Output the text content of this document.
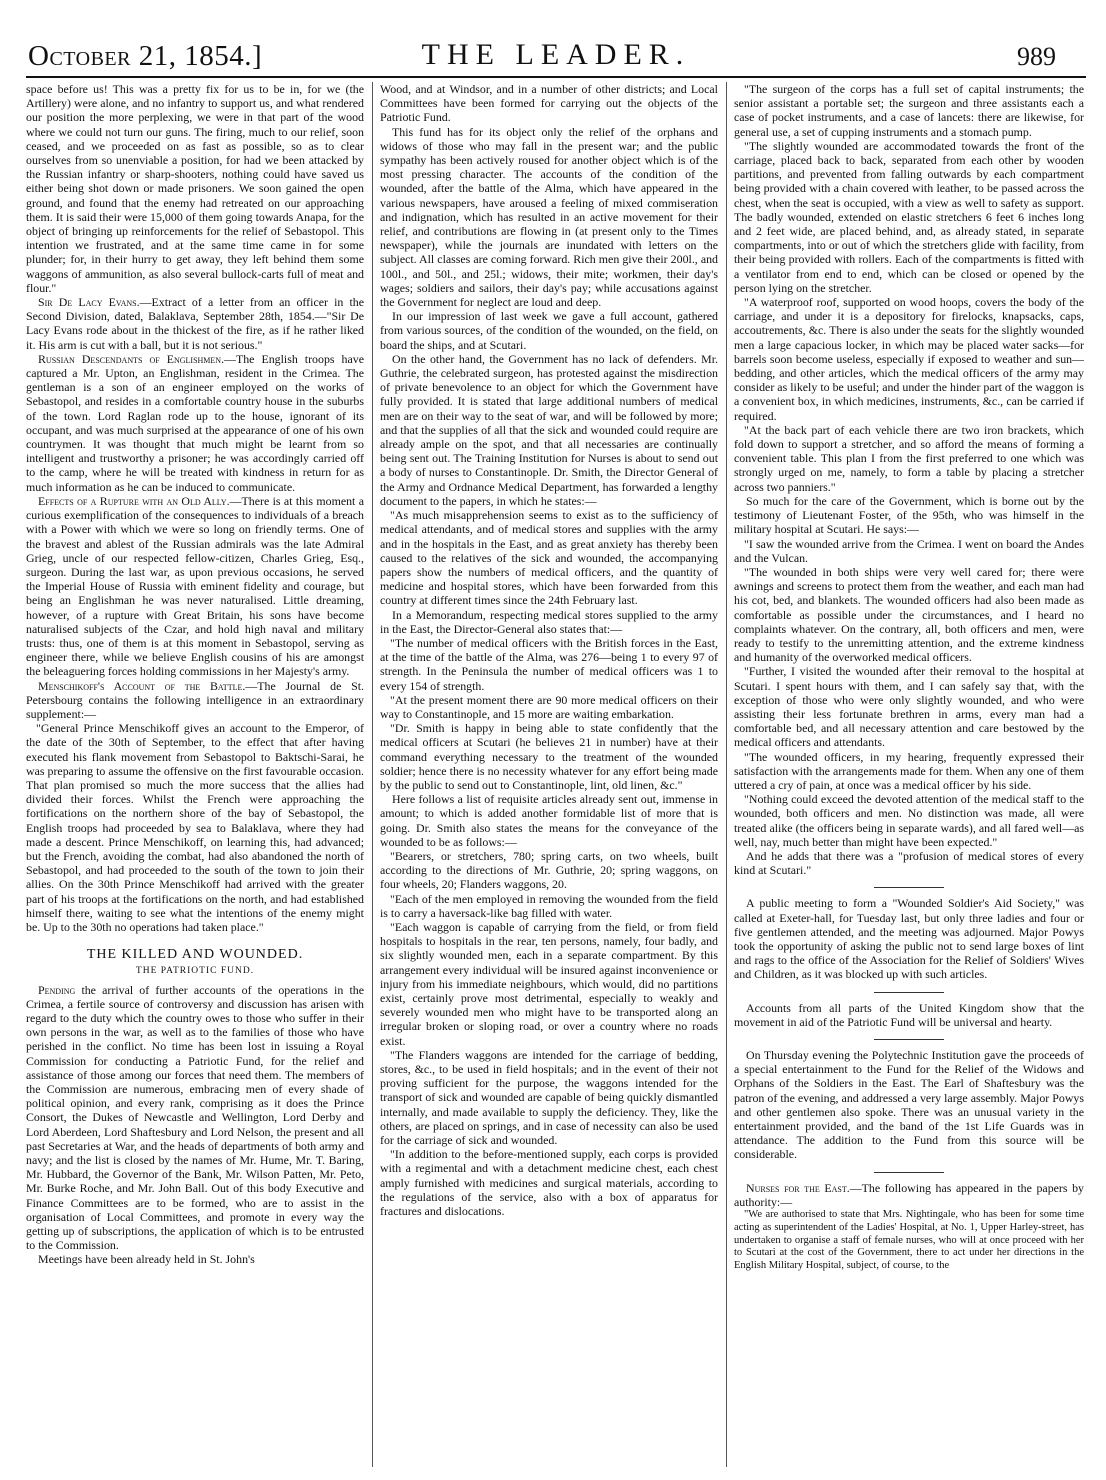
October 21, 1854.]	THE LEADER.	989

space before us! This was a pretty fix for us to be in, for we (the Artillery) were alone, and no infantry to support us, and what rendered our position the more perplexing, we were in that part of the wood where we could not turn our guns. The firing, much to our relief, soon ceased, and we proceeded on as fast as possible, so as to clear ourselves from so unenviable a position, for had we been attacked by the Russian infantry or sharp-shooters, nothing could have saved us either being shot down or made prisoners. We soon gained the open ground, and found that the enemy had retreated on our approaching them. It is said their were 15,000 of them going towards Anapa, for the object of bringing up reinforcements for the relief of Sebastopol. This intention we frustrated, and at the same time came in for some plunder; for, in their hurry to get away, they left behind them some waggons of ammunition, as also several bullock-carts full of meat and flour."

Sir De Lacy Evans.—Extract of a letter from an officer in the Second Division, dated, Balaklava, September 28th, 1854.—"Sir De Lacy Evans rode about in the thickest of the fire, as if he rather liked it. His arm is cut with a ball, but it is not serious."

Russian Descendants of Englishmen.—The English troops have captured a Mr. Upton, an Englishman, resident in the Crimea. The gentleman is a son of an engineer employed on the works of Sebastopol, and resides in a comfortable country house in the suburbs of the town. Lord Raglan rode up to the house, ignorant of its occupant, and was much surprised at the appearance of one of his own countrymen. It was thought that much might be learnt from so intelligent and trustworthy a prisoner; he was accordingly carried off to the camp, where he will be treated with kindness in return for as much information as he can be induced to communicate.

Effects of a Rupture with an Old Ally.—There is at this moment a curious exemplification of the consequences to individuals of a breach with a Power with which we were so long on friendly terms. One of the bravest and ablest of the Russian admirals was the late Admiral Grieg, uncle of our respected fellow-citizen, Charles Grieg, Esq., surgeon. During the last war, as upon previous occasions, he served the Imperial House of Russia with eminent fidelity and courage, but being an Englishman he was never naturalised. Little dreaming, however, of a rupture with Great Britain, his sons have become naturalised subjects of the Czar, and hold high naval and military trusts: thus, one of them is at this moment in Sebastopol, serving as engineer there, while we believe English cousins of his are amongst the beleaguering forces holding commissions in her Majesty's army.

Menschikoff's Account of the Battle.—The Journal de St. Petersbourg contains the following intelligence in an extraordinary supplement:—

"General Prince Menschikoff gives an account to the Emperor, of the date of the 30th of September, to the effect that after having executed his flank movement from Sebastopol to Baktschi-Sarai, he was preparing to assume the offensive on the first favourable occasion. That plan promised so much the more success that the allies had divided their forces. Whilst the French were approaching the fortifications on the northern shore of the bay of Sebastopol, the English troops had proceeded by sea to Balaklava, where they had made a descent. Prince Menschikoff, on learning this, had advanced; but the French, avoiding the combat, had also abandoned the north of Sebastopol, and had proceeded to the south of the town to join their allies. On the 30th Prince Menschikoff had arrived with the greater part of his troops at the fortifications on the north, and had established himself there, waiting to see what the intentions of the enemy might be. Up to the 30th no operations had taken place."

THE KILLED AND WOUNDED.
THE PATRIOTIC FUND.

Pending the arrival of further accounts of the operations in the Crimea, a fertile source of controversy and discussion has arisen with regard to the duty which the country owes to those who suffer in their own persons in the war, as well as to the families of those who have perished in the conflict. No time has been lost in issuing a Royal Commission for conducting a Patriotic Fund, for the relief and assistance of those among our forces that need them. The members of the Commission are numerous, embracing men of every shade of political opinion, and every rank, comprising as it does the Prince Consort, the Dukes of Newcastle and Wellington, Lord Derby and Lord Aberdeen, Lord Shaftesbury and Lord Nelson, the present and all past Secretaries at War, and the heads of departments of both army and navy; and the list is closed by the names of Mr. Hume, Mr. T. Baring, Mr. Hubbard, the Governor of the Bank, Mr. Wilson Patten, Mr. Peto, Mr. Burke Roche, and Mr. John Ball. Out of this body Executive and Finance Committees are to be formed, who are to assist in the organisation of Local Committees, and promote in every way the getting up of subscriptions, the application of which is to be entrusted to the Commission.

Meetings have been already held in St. John's

Wood, and at Windsor, and in a number of other districts; and Local Committees have been formed for carrying out the objects of the Patriotic Fund.

This fund has for its object only the relief of the orphans and widows of those who may fall in the present war; and the public sympathy has been actively roused for another object which is of the most pressing character. The accounts of the condition of the wounded, after the battle of the Alma, which have appeared in the various newspapers, have aroused a feeling of mixed commiseration and indignation, which has resulted in an active movement for their relief, and contributions are flowing in (at present only to the Times newspaper), while the journals are inundated with letters on the subject. All classes are coming forward. Rich men give their 200l., and 100l., and 50l., and 25l.; widows, their mite; workmen, their day's wages; soldiers and sailors, their day's pay; while accusations against the Government for neglect are loud and deep.

In our impression of last week we gave a full account, gathered from various sources, of the condition of the wounded, on the field, on board the ships, and at Scutari.

On the other hand, the Government has no lack of defenders. Mr. Guthrie, the celebrated surgeon, has protested against the misdirection of private benevolence to an object for which the Government have fully provided. It is stated that large additional numbers of medical men are on their way to the seat of war, and will be followed by more; and that the supplies of all that the sick and wounded could require are already ample on the spot, and that all necessaries are continually being sent out. The Training Institution for Nurses is about to send out a body of nurses to Constantinople. Dr. Smith, the Director General of the Army and Ordnance Medical Department, has forwarded a lengthy document to the papers, in which he states:—

"As much misapprehension seems to exist as to the sufficiency of medical attendants, and of medical stores and supplies with the army and in the hospitals in the East, and as great anxiety has thereby been caused to the relatives of the sick and wounded, the accompanying papers show the numbers of medical officers, and the quantity of medicine and hospital stores, which have been forwarded from this country at different times since the 24th February last.

In a Memorandum, respecting medical stores supplied to the army in the East, the Director-General also states that:—

"The number of medical officers with the British forces in the East, at the time of the battle of the Alma, was 276—being 1 to every 97 of strength. In the Peninsula the number of medical officers was 1 to every 154 of strength.

"At the present moment there are 90 more medical officers on their way to Constantinople, and 15 more are waiting embarkation.

"Dr. Smith is happy in being able to state confidently that the medical officers at Scutari (he believes 21 in number) have at their command everything necessary to the treatment of the wounded soldier; hence there is no necessity whatever for any effort being made by the public to send out to Constantinople, lint, old linen, &c."

Here follows a list of requisite articles already sent out, immense in amount; to which is added another formidable list of more that is going. Dr. Smith also states the means for the conveyance of the wounded to be as follows:—

"Bearers, or stretchers, 780; spring carts, on two wheels, built according to the directions of Mr. Guthrie, 20; spring waggons, on four wheels, 20; Flanders waggons, 20.

"Each of the men employed in removing the wounded from the field is to carry a haversack-like bag filled with water.

"Each waggon is capable of carrying from the field, or from field hospitals to hospitals in the rear, ten persons, namely, four badly, and six slightly wounded men, each in a separate compartment. By this arrangement every individual will be insured against inconvenience or injury from his immediate neighbours, which would, did no partitions exist, certainly prove most detrimental, especially to weakly and severely wounded men who might have to be transported along an irregular broken or sloping road, or over a country where no roads exist.

"The Flanders waggons are intended for the carriage of bedding, stores, &c., to be used in field hospitals; and in the event of their not proving sufficient for the purpose, the waggons intended for the transport of sick and wounded are capable of being quickly dismantled internally, and made available to supply the deficiency. They, like the others, are placed on springs, and in case of necessity can also be used for the carriage of sick and wounded.

"In addition to the before-mentioned supply, each corps is provided with a regimental and with a detachment medicine chest, each chest amply furnished with medicines and surgical materials, according to the regulations of the service, also with a box of apparatus for fractures and dislocations.

"The surgeon of the corps has a full set of capital instruments; the senior assistant a portable set; the surgeon and three assistants each a case of pocket instruments, and a case of lancets: there are likewise, for general use, a set of cupping instruments and a stomach pump.

"The slightly wounded are accommodated towards the front of the carriage, placed back to back, separated from each other by wooden partitions, and prevented from falling outwards by each compartment being provided with a chain covered with leather, to be passed across the chest, when the seat is occupied, with a view as well to safety as support. The badly wounded, extended on elastic stretchers 6 feet 6 inches long and 2 feet wide, are placed behind, and, as already stated, in separate compartments, into or out of which the stretchers glide with facility, from their being provided with rollers. Each of the compartments is fitted with a ventilator from end to end, which can be closed or opened by the person lying on the stretcher.

"A waterproof roof, supported on wood hoops, covers the body of the carriage, and under it is a depository for firelocks, knapsacks, caps, accoutrements, &c. There is also under the seats for the slightly wounded men a large capacious locker, in which may be placed water sacks—for barrels soon become useless, especially if exposed to weather and sun—bedding, and other articles, which the medical officers of the army may consider as likely to be useful; and under the hinder part of the waggon is a convenient box, in which medicines, instruments, &c., can be carried if required.

"At the back part of each vehicle there are two iron brackets, which fold down to support a stretcher, and so afford the means of forming a convenient table. This plan I from the first preferred to one which was strongly urged on me, namely, to form a table by placing a stretcher across two panniers."

So much for the care of the Government, which is borne out by the testimony of Lieutenant Foster, of the 95th, who was himself in the military hospital at Scutari. He says:—

"I saw the wounded arrive from the Crimea. I went on board the Andes and the Vulcan.

"The wounded in both ships were very well cared for; there were awnings and screens to protect them from the weather, and each man had his cot, bed, and blankets. The wounded officers had also been made as comfortable as possible under the circumstances, and I heard no complaints whatever. On the contrary, all, both officers and men, were ready to testify to the unremitting attention, and the extreme kindness and humanity of the overworked medical officers.

"Further, I visited the wounded after their removal to the hospital at Scutari. I spent hours with them, and I can safely say that, with the exception of those who were only slightly wounded, and who were assisting their less fortunate brethren in arms, every man had a comfortable bed, and all necessary attention and care bestowed by the medical officers and attendants.

"The wounded officers, in my hearing, frequently expressed their satisfaction with the arrangements made for them. When any one of them uttered a cry of pain, at once was a medical officer by his side.

"Nothing could exceed the devoted attention of the medical staff to the wounded, both officers and men. No distinction was made, all were treated alike (the officers being in separate wards), and all fared well—as well, nay, much better than might have been expected."

And he adds that there was a "profusion of medical stores of every kind at Scutari."

A public meeting to form a "Wounded Soldier's Aid Society," was called at Exeter-hall, for Tuesday last, but only three ladies and four or five gentlemen attended, and the meeting was adjourned. Major Powys took the opportunity of asking the public not to send large boxes of lint and rags to the office of the Association for the Relief of Soldiers' Wives and Children, as it was blocked up with such articles.

Accounts from all parts of the United Kingdom show that the movement in aid of the Patriotic Fund will be universal and hearty.

On Thursday evening the Polytechnic Institution gave the proceeds of a special entertainment to the Fund for the Relief of the Widows and Orphans of the Soldiers in the East. The Earl of Shaftesbury was the patron of the evening, and addressed a very large assembly. Major Powys and other gentlemen also spoke. There was an unusual variety in the entertainment provided, and the band of the 1st Life Guards was in attendance. The addition to the Fund from this source will be considerable.

Nurses for the East.—The following has appeared in the papers by authority:—

"We are authorised to state that Mrs. Nightingale, who has been for some time acting as superintendent of the Ladies' Hospital, at No. 1, Upper Harley-street, has undertaken to organise a staff of female nurses, who will at once proceed with her to Scutari at the cost of the Government, there to act under her directions in the English Military Hospital, subject, of course, to the
